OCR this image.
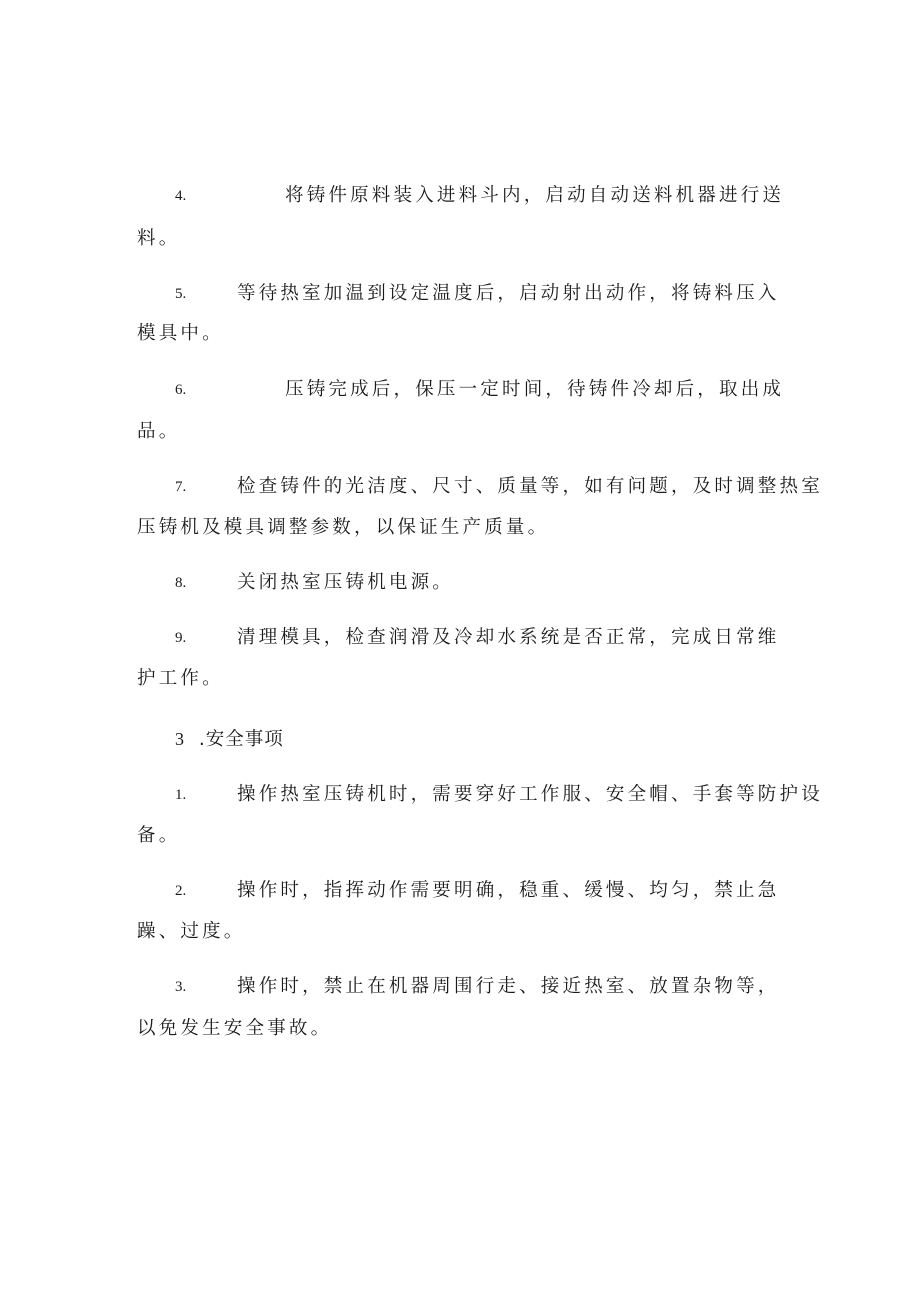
4.	将铸件原料装入进料斗内，启动自动送料机器进行送
料。
5.	等待热室加温到设定温度后，启动射出动作，将铸料压入
模具中。
6.	压铸完成后，保压一定时间，待铸件冷却后，取出成
品。
7.	检查铸件的光洁度、尺寸、质量等，如有问题，及时调整热室
压铸机及模具调整参数，以保证生产质量。
8.	关闭热室压铸机电源。
9.	清理模具，检查润滑及冷却水系统是否正常，完成日常维
护工作。
3 .安全事项
1.	操作热室压铸机时，需要穿好工作服、安全帽、手套等防护设
备。
2.	操作时，指挥动作需要明确，稳重、缓慢、均匀，禁止急
躁、过度。
3.	操作时，禁止在机器周围行走、接近热室、放置杂物等，
以免发生安全事故。
